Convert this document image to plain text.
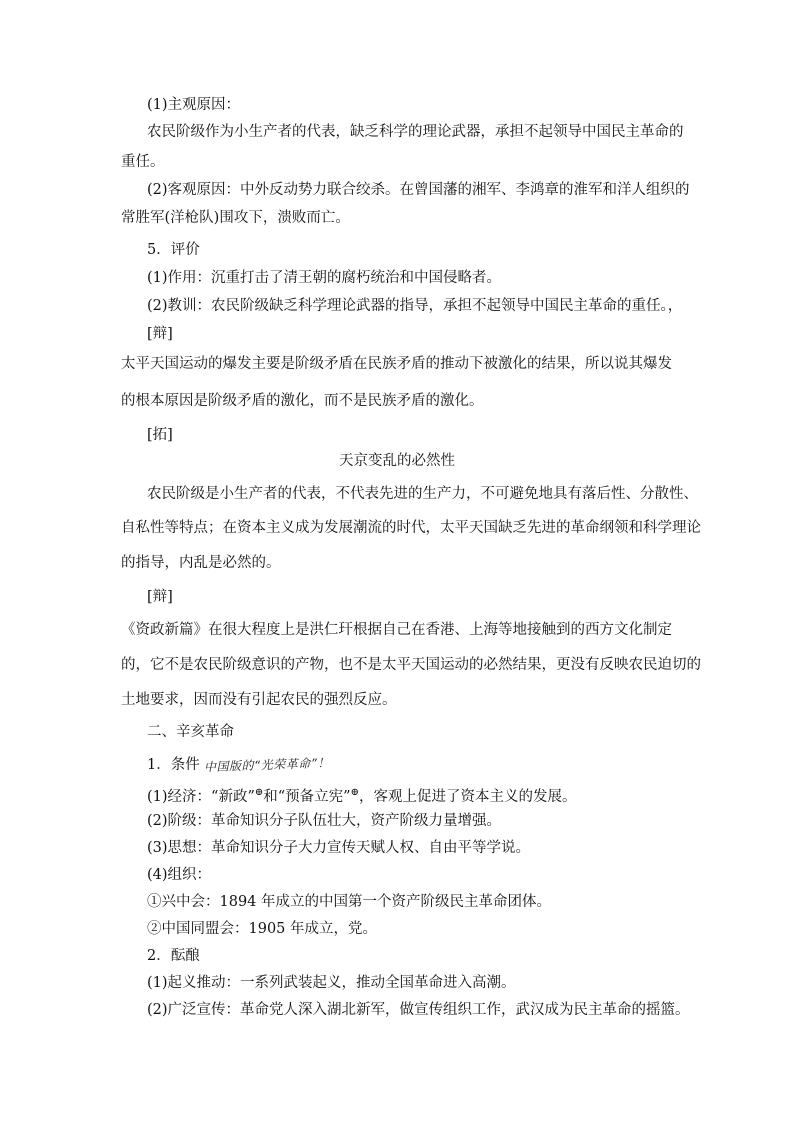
(1)主观原因：
农民阶级作为小生产者的代表，缺乏科学的理论武器，承担不起领导中国民主革命的
重任。
(2)客观原因：中外反动势力联合绞杀。在曾国藩的湘军、李鸿章的淮军和洋人组织的
常胜军(洋枪队)围攻下，溃败而亡。
5．评价
(1)作用：沉重打击了清王朝的腐朽统治和中国侵略者。
(2)教训：农民阶级缺乏科学理论武器的指导，承担不起领导中国民主革命的重任。，
[辩]
太平天国运动的爆发主要是阶级矛盾在民族矛盾的推动下被激化的结果，所以说其爆发
的根本原因是阶级矛盾的激化，而不是民族矛盾的激化。
[拓]
天京变乱的必然性
农民阶级是小生产者的代表，不代表先进的生产力，不可避免地具有落后性、分散性、
自私性等特点；在资本主义成为发展潮流的时代，太平天国缺乏先进的革命纲领和科学理论
的指导，内乱是必然的。
[辩]
《资政新篇》在很大程度上是洪仁玕根据自己在香港、上海等地接触到的西方文化制定
的，它不是农民阶级意识的产物，也不是太平天国运动的必然结果，更没有反映农民迫切的
土地要求，因而没有引起农民的强烈反应。
二、辛亥革命
1．条件 中国版的“光荣革命”！
(1)经济：“新政”⊕和“预备立宪”⊕，客观上促进了资本主义的发展。
(2)阶级：革命知识分子队伍壮大，资产阶级力量增强。
(3)思想：革命知识分子大力宣传天赋人权、自由平等学说。
(4)组织：
①兴中会：1894 年成立的中国第一个资产阶级民主革命团体。
②中国同盟会：1905 年成立，党。
2．酝酿
(1)起义推动：一系列武装起义，推动全国革命进入高潮。
(2)广泛宣传：革命党人深入湖北新军，做宣传组织工作，武汉成为民主革命的摇篮。
